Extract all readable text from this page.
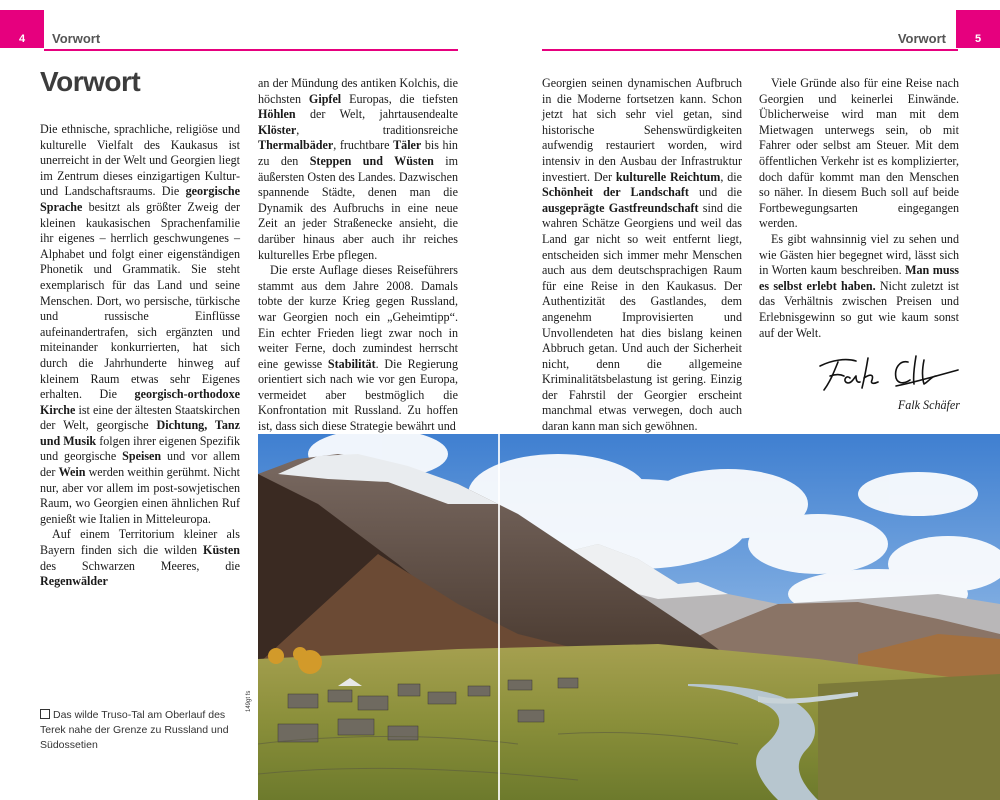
4 Vorwort	5
Vorwort
Vorwort

Die ethnische, sprachliche, religiöse und kulturelle Vielfalt des Kaukasus ist unerreicht in der Welt und Georgien liegt im Zentrum dieses einzigartigen Kultur- und Landschaftsraums. Die georgische Sprache besitzt als größter Zweig der kleinen kaukasischen Sprachenfamilie ihr eigenes – herrlich geschwungenes – Alphabet und folgt einer eigenständigen Phonetik und Grammatik. Sie steht exemplarisch für das Land und seine Menschen. Dort, wo persische, türkische und russische Einflüsse aufeinandertrafen, sich ergänzten und miteinander konkurrierten, hat sich durch die Jahrhunderte hinweg auf kleinem Raum etwas sehr Eigenes erhalten. Die georgisch-orthodoxe Kirche ist eine der ältesten Staatskirchen der Welt, georgische Dichtung, Tanz und Musik folgen ihrer eigenen Spezifik und georgische Speisen und vor allem der Wein werden weithin gerühmt. Nicht nur, aber vor allem im post-sowjetischen Raum, wo Georgien einen ähnlichen Ruf genießt wie Italien in Mitteleuropa.

Auf einem Territorium kleiner als Bayern finden sich die wilden Küsten des Schwarzen Meeres, die Regenwälder

an der Mündung des antiken Kolchis, die höchsten Gipfel Europas, die tiefsten Höhlen der Welt, jahrtausendealte Klöster, traditionsreiche Thermalbäder, fruchtbare Täler bis hin zu den Steppen und Wüsten im äußersten Osten des Landes. Dazwischen spannende Städte, denen man die Dynamik des Aufbruchs in eine neue Zeit an jeder Straßenecke ansieht, die darüber hinaus aber auch ihr reiches kulturelles Erbe pflegen.

Die erste Auflage dieses Reiseführers stammt aus dem Jahre 2008. Damals tobte der kurze Krieg gegen Russland, war Georgien noch ein „Geheimtipp“. Ein echter Frieden liegt zwar noch in weiter Ferne, doch zumindest herrscht eine gewisse Stabilität. Die Regierung orientiert sich nach wie vor gen Europa, vermeidet aber bestmöglich die Konfrontation mit Russland. Zu hoffen ist, dass sich diese Strategie bewährt und

Georgien seinen dynamischen Aufbruch in die Moderne fortsetzen kann. Schon jetzt hat sich sehr viel getan, sind historische Sehenswürdigkeiten aufwendig restauriert worden, wird intensiv in den Ausbau der Infrastruktur investiert. Der kulturelle Reichtum, die Schönheit der Landschaft und die ausgeprägte Gastfreundschaft sind die wahren Schätze Georgiens und weil das Land gar nicht so weit entfernt liegt, entscheiden sich immer mehr Menschen auch aus dem deutschsprachigen Raum für eine Reise in den Kaukasus. Der Authentizität des Gastlandes, dem angenehm Improvisierten und Unvollendeten hat dies bislang keinen Abbruch getan. Und auch der Sicherheit nicht, denn die allgemeine Kriminalitätsbelastung ist gering. Einzig der Fahrstil der Georgier erscheint manchmal etwas verwegen, doch auch daran kann man sich gewöhnen.

Viele Gründe also für eine Reise nach Georgien und keinerlei Einwände. Üblicherweise wird man mit dem Mietwagen unterwegs sein, ob mit Fahrer oder selbst am Steuer. Mit dem öffentlichen Verkehr ist es komplizierter, doch dafür kommt man den Menschen so näher. In diesem Buch soll auf beide Fortbewegungsarten eingegangen werden.

Es gibt wahnsinnig viel zu sehen und wie Gästen hier begegnet wird, lässt sich in Worten kaum beschreiben. Man muss es selbst erlebt haben. Nicht zuletzt ist das Verhältnis zwischen Preisen und Erlebnisgewinn so gut wie kaum sonst auf der Welt.

Falk Schäfer
Das wilde Truso-Tal am Oberlauf des Terek nahe der Grenze zu Russland und Südossetien
149gt fs
